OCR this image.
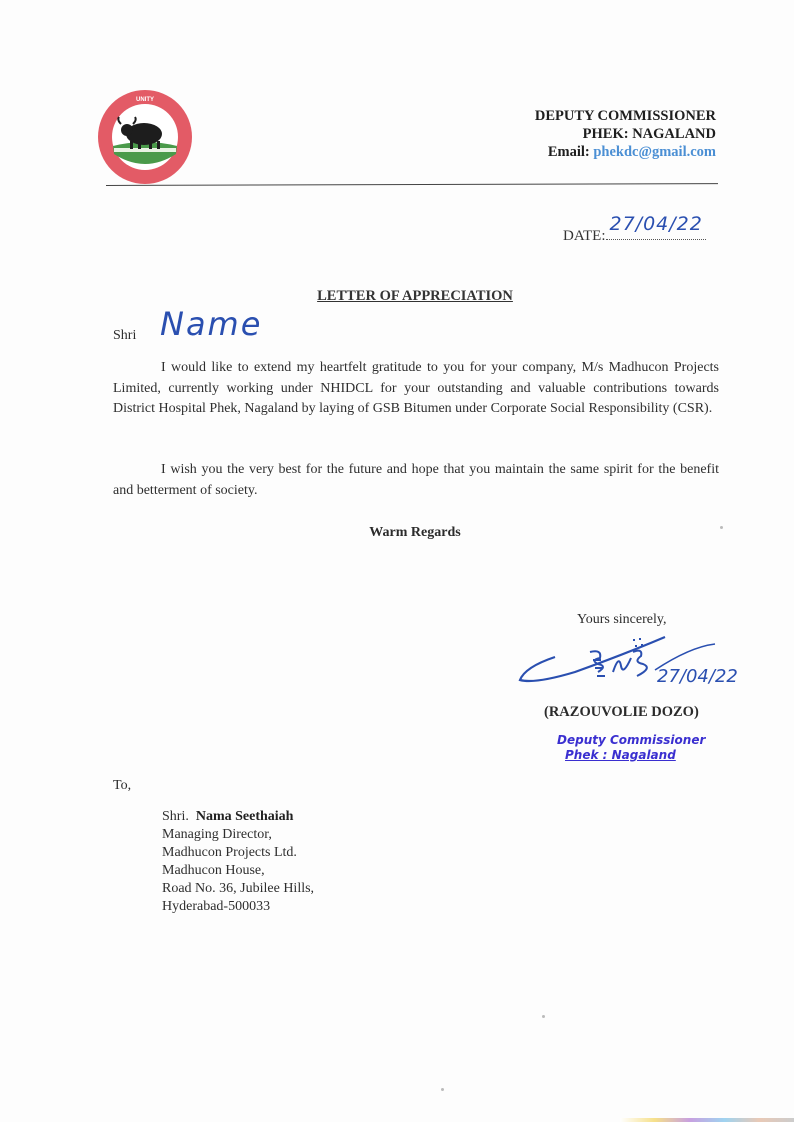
UNITY
DEPUTY COMMISSIONER
PHEK: NAGALAND
Email: phekdc@gmail.com
DATE:
27/04/22
LETTER OF APPRECIATION
Shri Name

I would like to extend my heartfelt gratitude to you for your company, M/s Madhucon Projects Limited, currently working under NHIDCL for your outstanding and valuable contributions towards District Hospital Phek, Nagaland by laying of GSB Bitumen under Corporate Social Responsibility (CSR).

I wish you the very best for the future and hope that you maintain the same spirit for the benefit and betterment of society.

Warm Regards
Yours sincerely,
27/04/22
(RAZOUVOLIE DOZO)
Deputy Commissioner
Phek : Nagaland
To,
Shri. Nama Seethaiah
Managing Director,
Madhucon Projects Ltd.
Madhucon House,
Road No. 36, Jubilee Hills,
Hyderabad-500033
